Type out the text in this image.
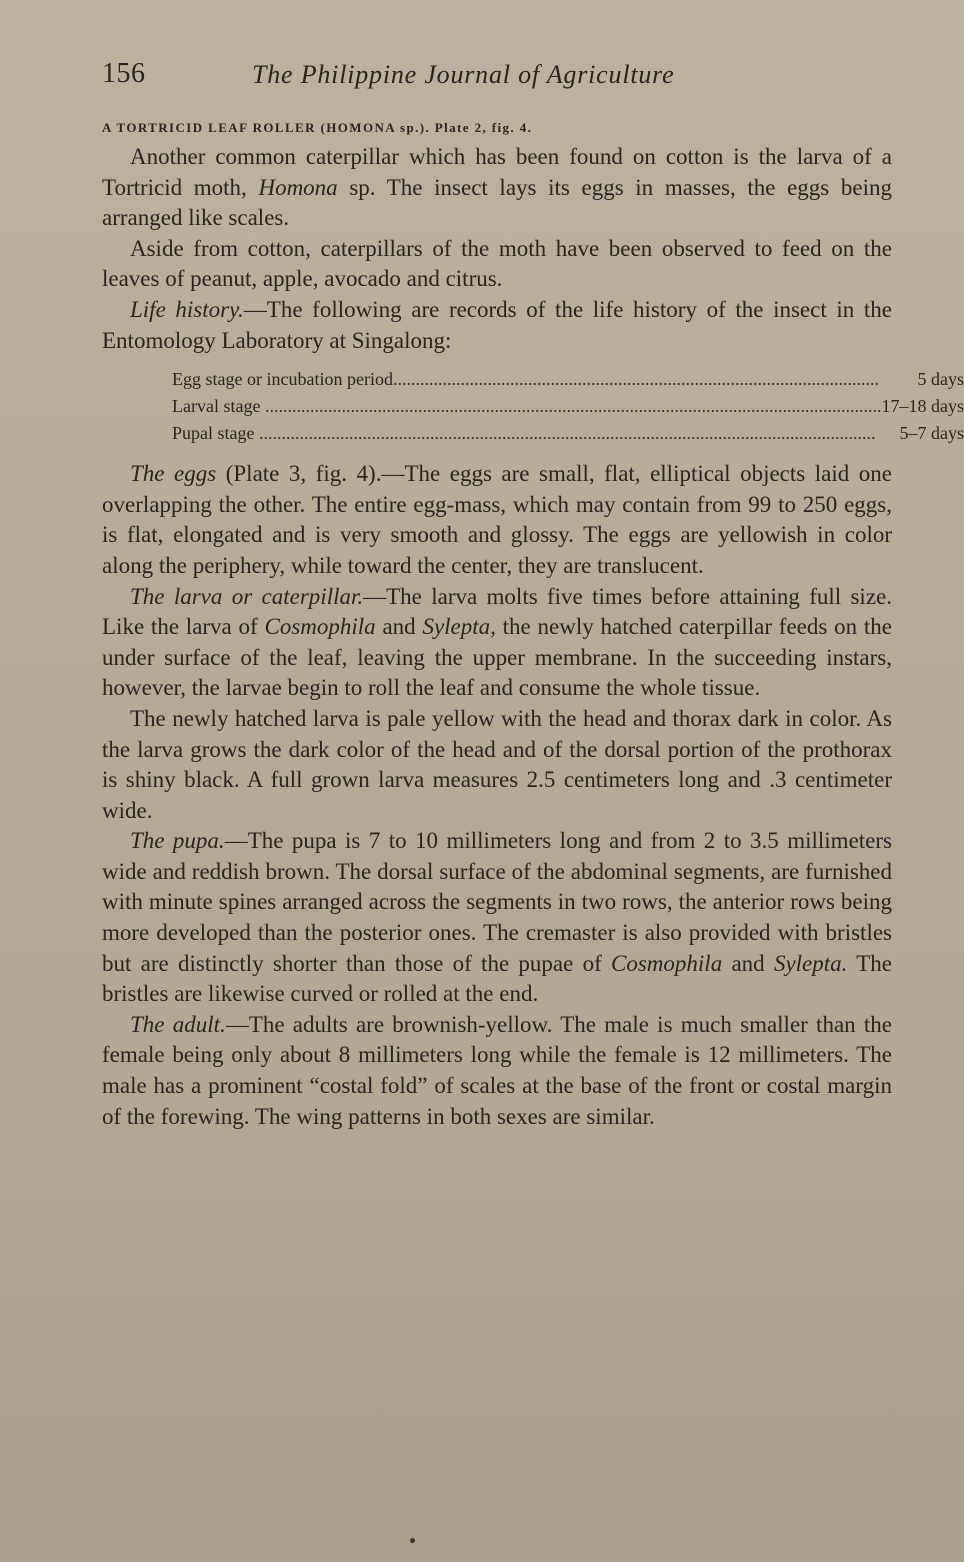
156	The Philippine Journal of Agriculture
A TORTRICID LEAF ROLLER (HOMONA sp.). Plate 2, fig. 4.

Another common caterpillar which has been found on cotton is the larva of a Tortricid moth, Homona sp. The insect lays its eggs in masses, the eggs being arranged like scales.

Aside from cotton, caterpillars of the moth have been observed to feed on the leaves of peanut, apple, avocado and citrus.

Life history.—The following are records of the life history of the insect in the Entomology Laboratory at Singalong:

Egg stage or incubation period............................................................................................................	5 days
Larval stage .........................................................................................................................................	17–18 days
Pupal stage .........................................................................................................................................	5–7 days

The eggs (Plate 3, fig. 4).—The eggs are small, flat, elliptical objects laid one overlapping the other. The entire egg-mass, which may contain from 99 to 250 eggs, is flat, elongated and is very smooth and glossy. The eggs are yellowish in color along the periphery, while toward the center, they are translucent.

The larva or caterpillar.—The larva molts five times before attaining full size. Like the larva of Cosmophila and Sylepta, the newly hatched caterpillar feeds on the under surface of the leaf, leaving the upper membrane. In the succeeding instars, however, the larvae begin to roll the leaf and consume the whole tissue.

The newly hatched larva is pale yellow with the head and thorax dark in color. As the larva grows the dark color of the head and of the dorsal portion of the prothorax is shiny black. A full grown larva measures 2.5 centimeters long and .3 centimeter wide.

The pupa.—The pupa is 7 to 10 millimeters long and from 2 to 3.5 millimeters wide and reddish brown. The dorsal surface of the abdominal segments, are furnished with minute spines arranged across the segments in two rows, the anterior rows being more developed than the posterior ones. The cremaster is also provided with bristles but are distinctly shorter than those of the pupae of Cosmophila and Sylepta. The bristles are likewise curved or rolled at the end.

The adult.—The adults are brownish-yellow. The male is much smaller than the female being only about 8 millimeters long while the female is 12 millimeters. The male has a prominent “costal fold” of scales at the base of the front or costal margin of the forewing. The wing patterns in both sexes are similar.
